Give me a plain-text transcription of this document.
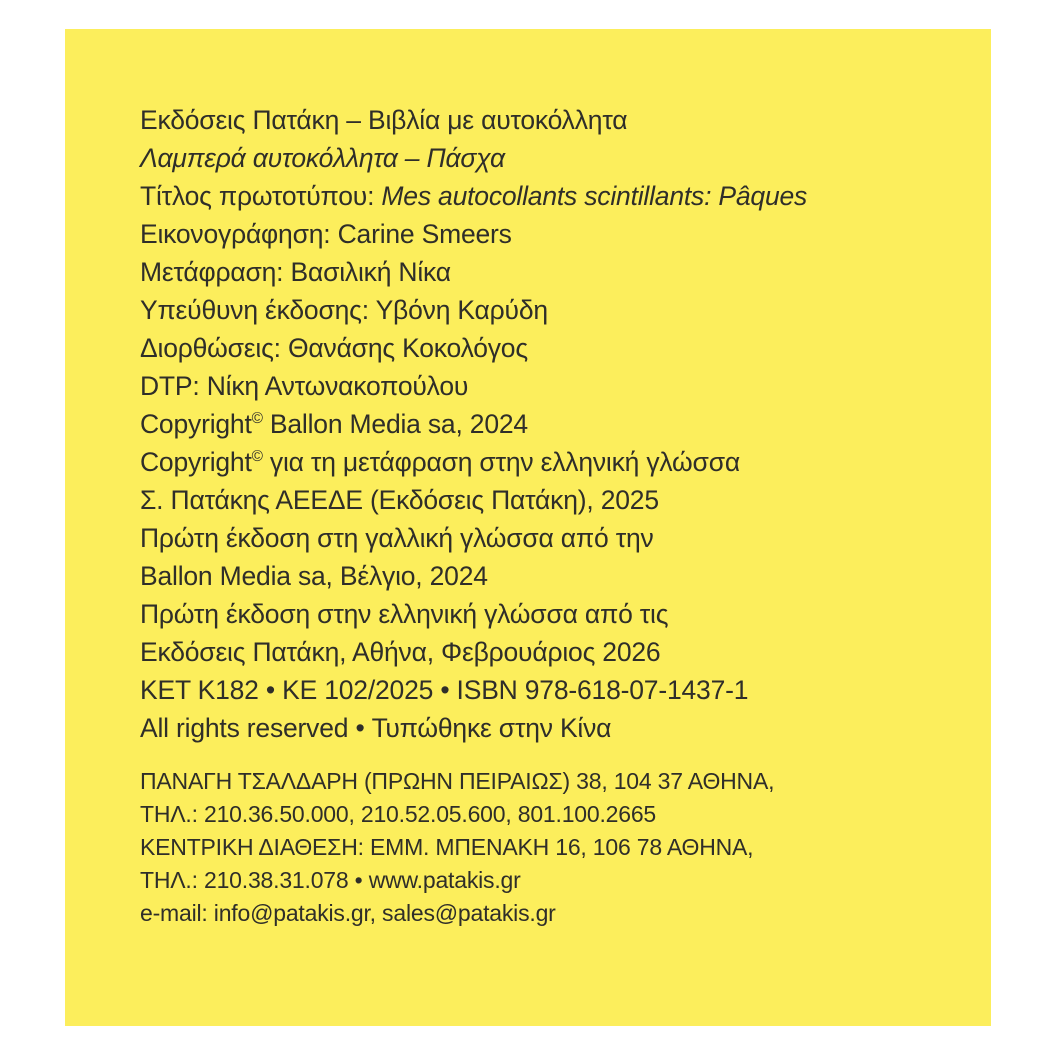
Εκδόσεις Πατάκη – Βιβλία με αυτοκόλλητα
Λαμπερά αυτοκόλλητα – Πάσχα
Τίτλος πρωτοτύπου: Mes autocollants scintillants: Pâques
Εικονογράφηση: Carine Smeers
Μετάφραση: Βασιλική Νίκα
Υπεύθυνη έκδοσης: Υβόνη Καρύδη
Διορθώσεις: Θανάσης Κοκολόγος
DTP: Νίκη Αντωνακοπούλου
Copyright© Ballon Media sa, 2024
Copyright© για τη μετάφραση στην ελληνική γλώσσα
Σ. Πατάκης ΑΕΕΔΕ (Εκδόσεις Πατάκη), 2025
Πρώτη έκδοση στη γαλλική γλώσσα από την
Ballon Media sa, Βέλγιο, 2024
Πρώτη έκδοση στην ελληνική γλώσσα από τις
Εκδόσεις Πατάκη, Αθήνα, Φεβρουάριος 2026
ΚΕΤ Κ182 • ΚΕ 102/2025 • ISBN 978-618-07-1437-1
All rights reserved • Τυπώθηκε στην Κίνα
ΠΑΝΑΓΗ ΤΣΑΛΔΑΡΗ (ΠΡΩΗΝ ΠΕΙΡΑΙΩΣ) 38, 104 37 ΑΘΗΝΑ,
ΤΗΛ.: 210.36.50.000, 210.52.05.600, 801.100.2665
ΚΕΝΤΡΙΚΗ ΔΙΑΘΕΣΗ: ΕΜΜ. ΜΠΕΝΑΚΗ 16, 106 78 ΑΘΗΝΑ,
ΤΗΛ.: 210.38.31.078 • www.patakis.gr
e-mail: info@patakis.gr, sales@patakis.gr
